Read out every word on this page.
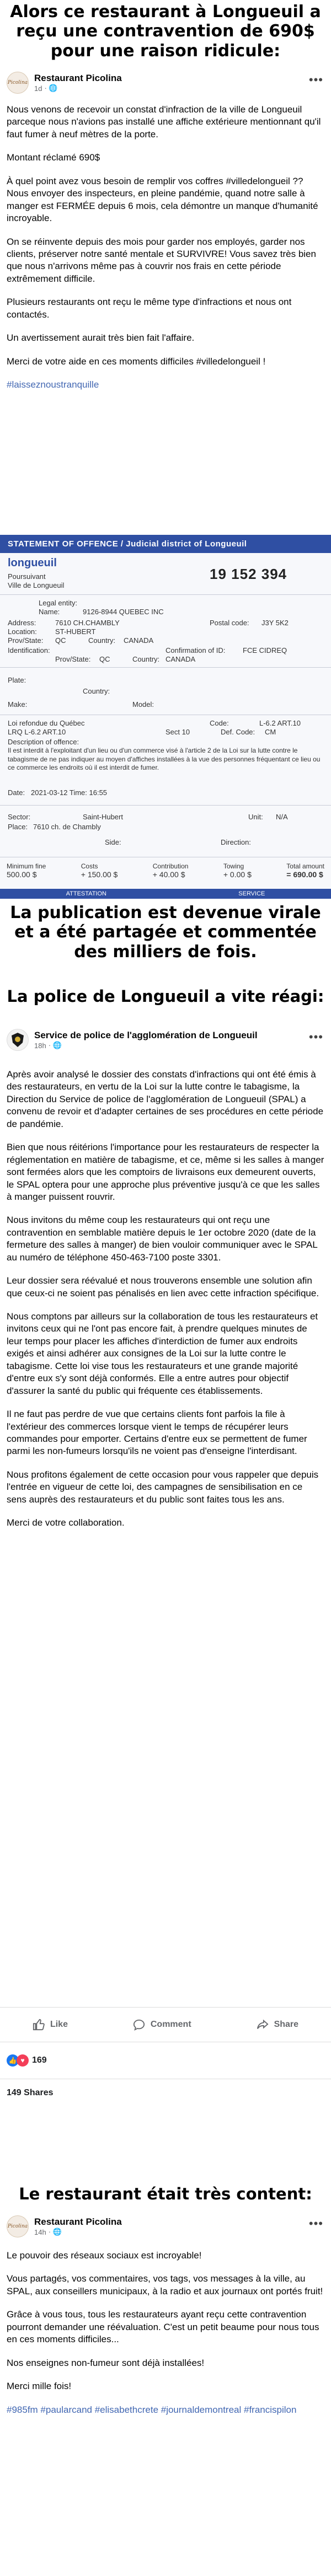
Alors ce restaurant à Longueuil a reçu une contravention de 690$ pour une raison ridicule:
Picolina Restaurant Picolina
1d · 🌐
•••

Nous venons de recevoir un constat d'infraction de la ville de Longueuil parceque nous n'avions pas installé une affiche extérieure mentionnant qu'il faut fumer à neuf mètres de la porte.

Montant réclamé 690$

À quel point avez vous besoin de remplir vos coffres #villedelongueil ?? Nous envoyer des inspecteurs, en pleine pandémie, quand notre salle à manger est FERMÉE depuis 6 mois, cela démontre un manque d'humanité incroyable.

On se réinvente depuis des mois pour garder nos employés, garder nos clients, préserver notre santé mentale et SURVIVRE! Vous savez très bien que nous n'arrivons même pas à couvrir nos frais en cette période extrêmement difficile.

Plusieurs restaurants ont reçu le même type d'infractions et nous ont contactés.

Un avertissement aurait très bien fait l'affaire.

Merci de votre aide en ces moments difficiles #villedelongueil !

#laisseznoustranquille

STATEMENT OF OFFENCE / Judicial district of Longueuil
longueuil
Poursuivant
Ville de Longueuil
19 152 394
Legal entity:
Name:	9126-8944 QUEBEC INC
Address:	7610 CH.CHAMBLY
Location:	ST-HUBERT
Prov/State: QC	Country: CANADA
Postal code: J3Y 5K2
Identification:	Confirmation of ID: FCE CIDREQ
Prov/State: QC	Country: CANADA
Plate:
Country:
Make:	Model:
Loi refondue du Québec
LRQ L-6.2 ART.10
Code:	L-6.2 ART.10
Sect 10	Def. Code: CM
Description of offence:
Il est interdit à l'exploitant d'un lieu ou d'un commerce visé à l'article 2 de la Loi sur la lutte contre le tabagisme de ne pas indiquer au moyen d'affiches installées à la vue des personnes fréquentant ce lieu ou ce commerce les endroits où il est interdit de fumer.
Date: 2021-03-12 Time: 16:55
Sector:	Saint-Hubert	Unit: N/A
Place: 7610 ch. de Chambly
Side:	Direction:
Minimum fine
500.00 $
Costs
+ 150.00 $
Contribution
+ 40.00 $
Towing
+ 0.00 $
Total amount
= 690.00 $
ATTESTATION	SERVICE
La publication est devenue virale et a été partagée et commentée des milliers de fois.
La police de Longueuil a vite réagi:
Service de police de l'agglomération de Longueuil
18h · 🌐
•••

Après avoir analysé le dossier des constats d'infractions qui ont été émis à des restaurateurs, en vertu de la Loi sur la lutte contre le tabagisme, la Direction du Service de police de l'agglomération de Longueuil (SPAL) a convenu de revoir et d'adapter certaines de ses procédures en cette période de pandémie.

Bien que nous réitérions l'importance pour les restaurateurs de respecter la réglementation en matière de tabagisme, et ce, même si les salles à manger sont fermées alors que les comptoirs de livraisons eux demeurent ouverts, le SPAL optera pour une approche plus préventive jusqu'à ce que les salles à manger puissent rouvrir.

Nous invitons du même coup les restaurateurs qui ont reçu une contravention en semblable matière depuis le 1er octobre 2020 (date de la fermeture des salles à manger) de bien vouloir communiquer avec le SPAL au numéro de téléphone 450-463-7100 poste 3301.

Leur dossier sera réévalué et nous trouverons ensemble une solution afin que ceux-ci ne soient pas pénalisés en lien avec cette infraction spécifique.

Nous comptons par ailleurs sur la collaboration de tous les restaurateurs et invitons ceux qui ne l'ont pas encore fait, à prendre quelques minutes de leur temps pour placer les affiches d'interdiction de fumer aux endroits exigés et ainsi adhérer aux consignes de la Loi sur la lutte contre le tabagisme. Cette loi vise tous les restaurateurs et une grande majorité d'entre eux s'y sont déjà conformés. Elle a entre autres pour objectif d'assurer la santé du public qui fréquente ces établissements.

Il ne faut pas perdre de vue que certains clients font parfois la file à l'extérieur des commerces lorsque vient le temps de récupérer leurs commandes pour emporter. Certains d'entre eux se permettent de fumer parmi les non-fumeurs lorsqu'ils ne voient pas d'enseigne l'interdisant.

Nous profitons également de cette occasion pour vous rappeler que depuis l'entrée en vigueur de cette loi, des campagnes de sensibilisation en ce sens auprès des restaurateurs et du public sont faites tous les ans.

Merci de votre collaboration.

Like	Comment	Share
👍 ♥ 169
149 Shares
Le restaurant était très content:
Picolina Restaurant Picolina
14h · 🌐
•••

Le pouvoir des réseaux sociaux est incroyable!

Vous partagés, vos commentaires, vos tags, vos messages à la ville, au SPAL, aux conseillers municipaux, à la radio et aux journaux ont portés fruit!

Grâce à vous tous, tous les restaurateurs ayant reçu cette contravention pourront demander une réévaluation. C'est un petit beaume pour nous tous en ces moments difficiles...

Nos enseignes non-fumeur sont déjà installées!

Merci mille fois!

#985fm #paularcand #elisabethcrete #journaldemontreal #francispilon
